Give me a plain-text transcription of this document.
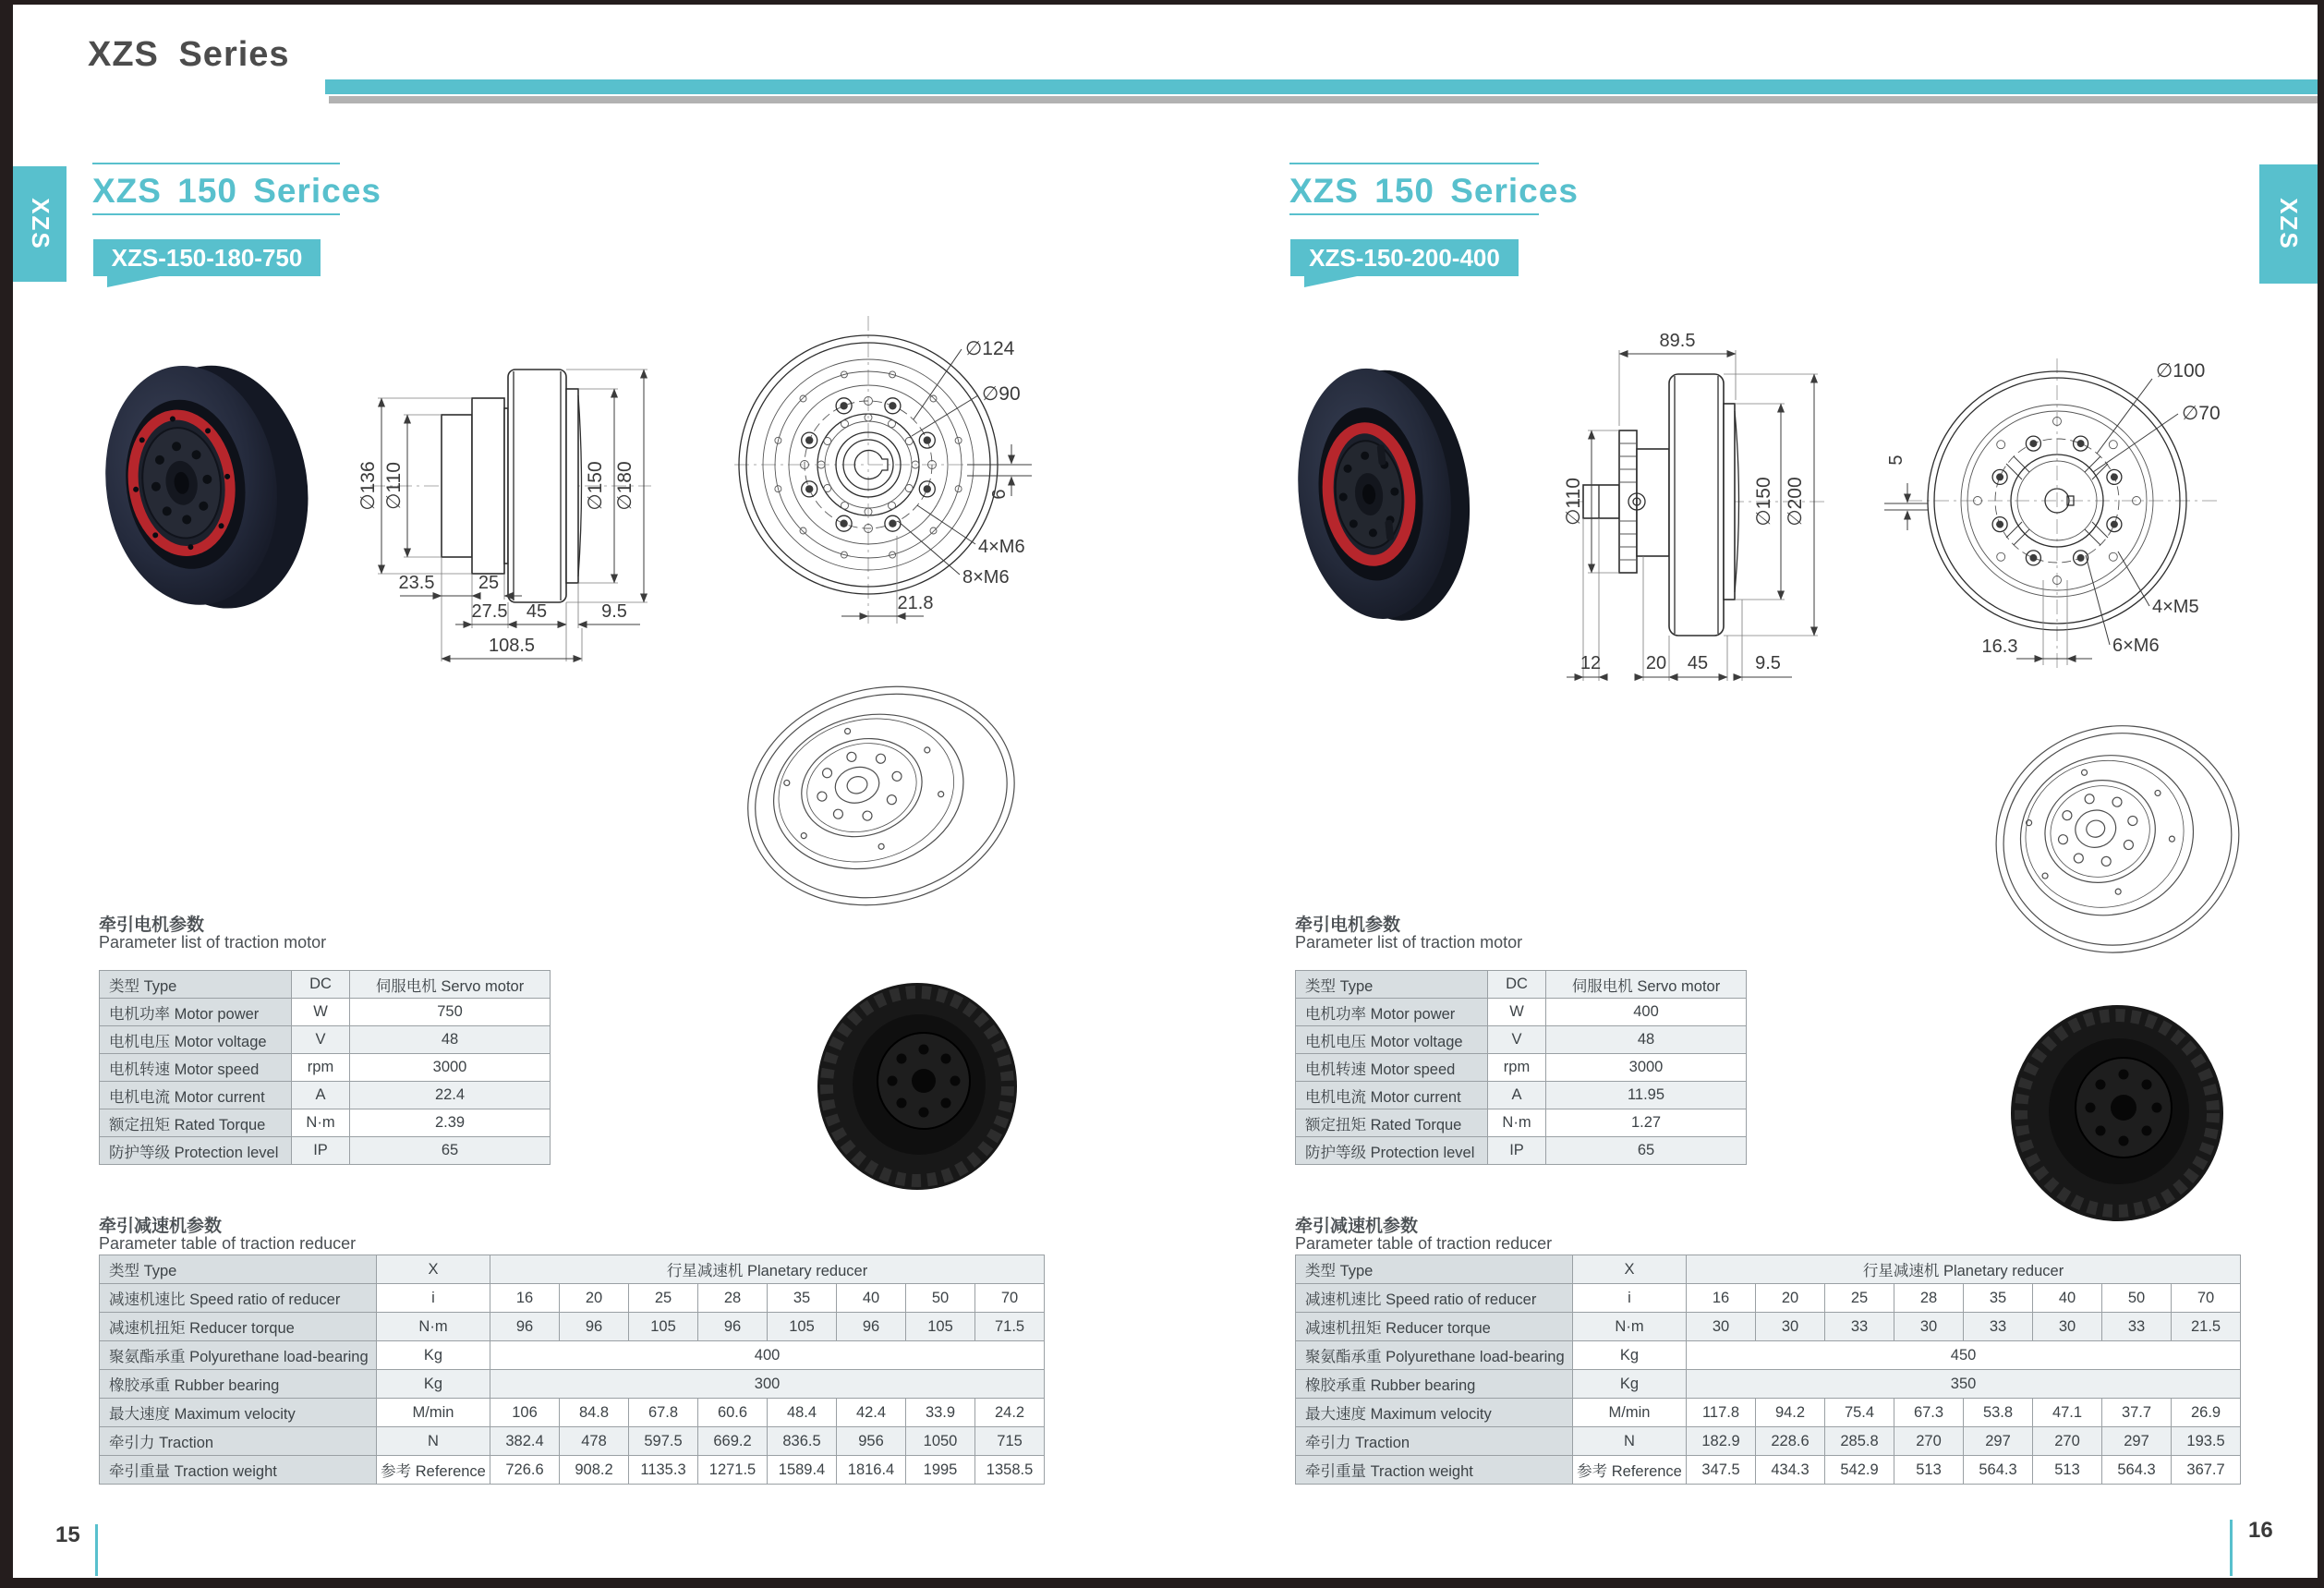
XZS Series
XZS	XZS
XZS 150 Serices
XZS-150-180-750
∅136 ∅110	∅150 ∅180
23.5 25
27.5 45	9.5
108.5
∅124
∅90
6
4×M6
8×M6
21.8
牵引电机参数
Parameter list of traction motor
类型 Type	DC	伺服电机 Servo motor
电机功率 Motor power	W	750
电机电压 Motor voltage	V	48
电机转速 Motor speed	rpm	3000
电机电流 Motor current	A	22.4
额定扭矩 Rated Torque	N·m	2.39
防护等级 Protection level	IP	65
牵引减速机参数
Parameter table of traction reducer
类型 Type	X	行星减速机 Planetary reducer							
减速机速比 Speed ratio of reducer	i	16	20	25	28	35	40	50	70
减速机扭矩 Reducer torque	N·m	96	96	105	96	105	96	105	71.5
聚氨酯承重 Polyurethane load-bearing	Kg	400							
橡胶承重 Rubber bearing	Kg	300							
最大速度 Maximum velocity	M/min	106	84.8	67.8	60.6	48.4	42.4	33.9	24.2
牵引力 Traction	N	382.4	478	597.5	669.2	836.5	956	1050	715
牵引重量 Traction weight	参考 Reference	726.6	908.2	1135.3	1271.5	1589.4	1816.4	1995	1358.5
XZS 150 Serices
XZS-150-200-400
89.5
∅110	∅150 ∅200
12 20 45	9.5
∅100
∅70
5
4×M5
6×M6
16.3
牵引电机参数
Parameter list of traction motor
类型 Type	DC	伺服电机 Servo motor
电机功率 Motor power	W	400
电机电压 Motor voltage	V	48
电机转速 Motor speed	rpm	3000
电机电流 Motor current	A	11.95
额定扭矩 Rated Torque	N·m	1.27
防护等级 Protection level	IP	65
牵引减速机参数
Parameter table of traction reducer
类型 Type	X	行星减速机 Planetary reducer							
减速机速比 Speed ratio of reducer	i	16	20	25	28	35	40	50	70
减速机扭矩 Reducer torque	N·m	30	30	33	30	33	30	33	21.5
聚氨酯承重 Polyurethane load-bearing	Kg	450							
橡胶承重 Rubber bearing	Kg	350							
最大速度 Maximum velocity	M/min	117.8	94.2	75.4	67.3	53.8	47.1	37.7	26.9
牵引力 Traction	N	182.9	228.6	285.8	270	297	270	297	193.5
牵引重量 Traction weight	参考 Reference	347.5	434.3	542.9	513	564.3	513	564.3	367.7
15	16
